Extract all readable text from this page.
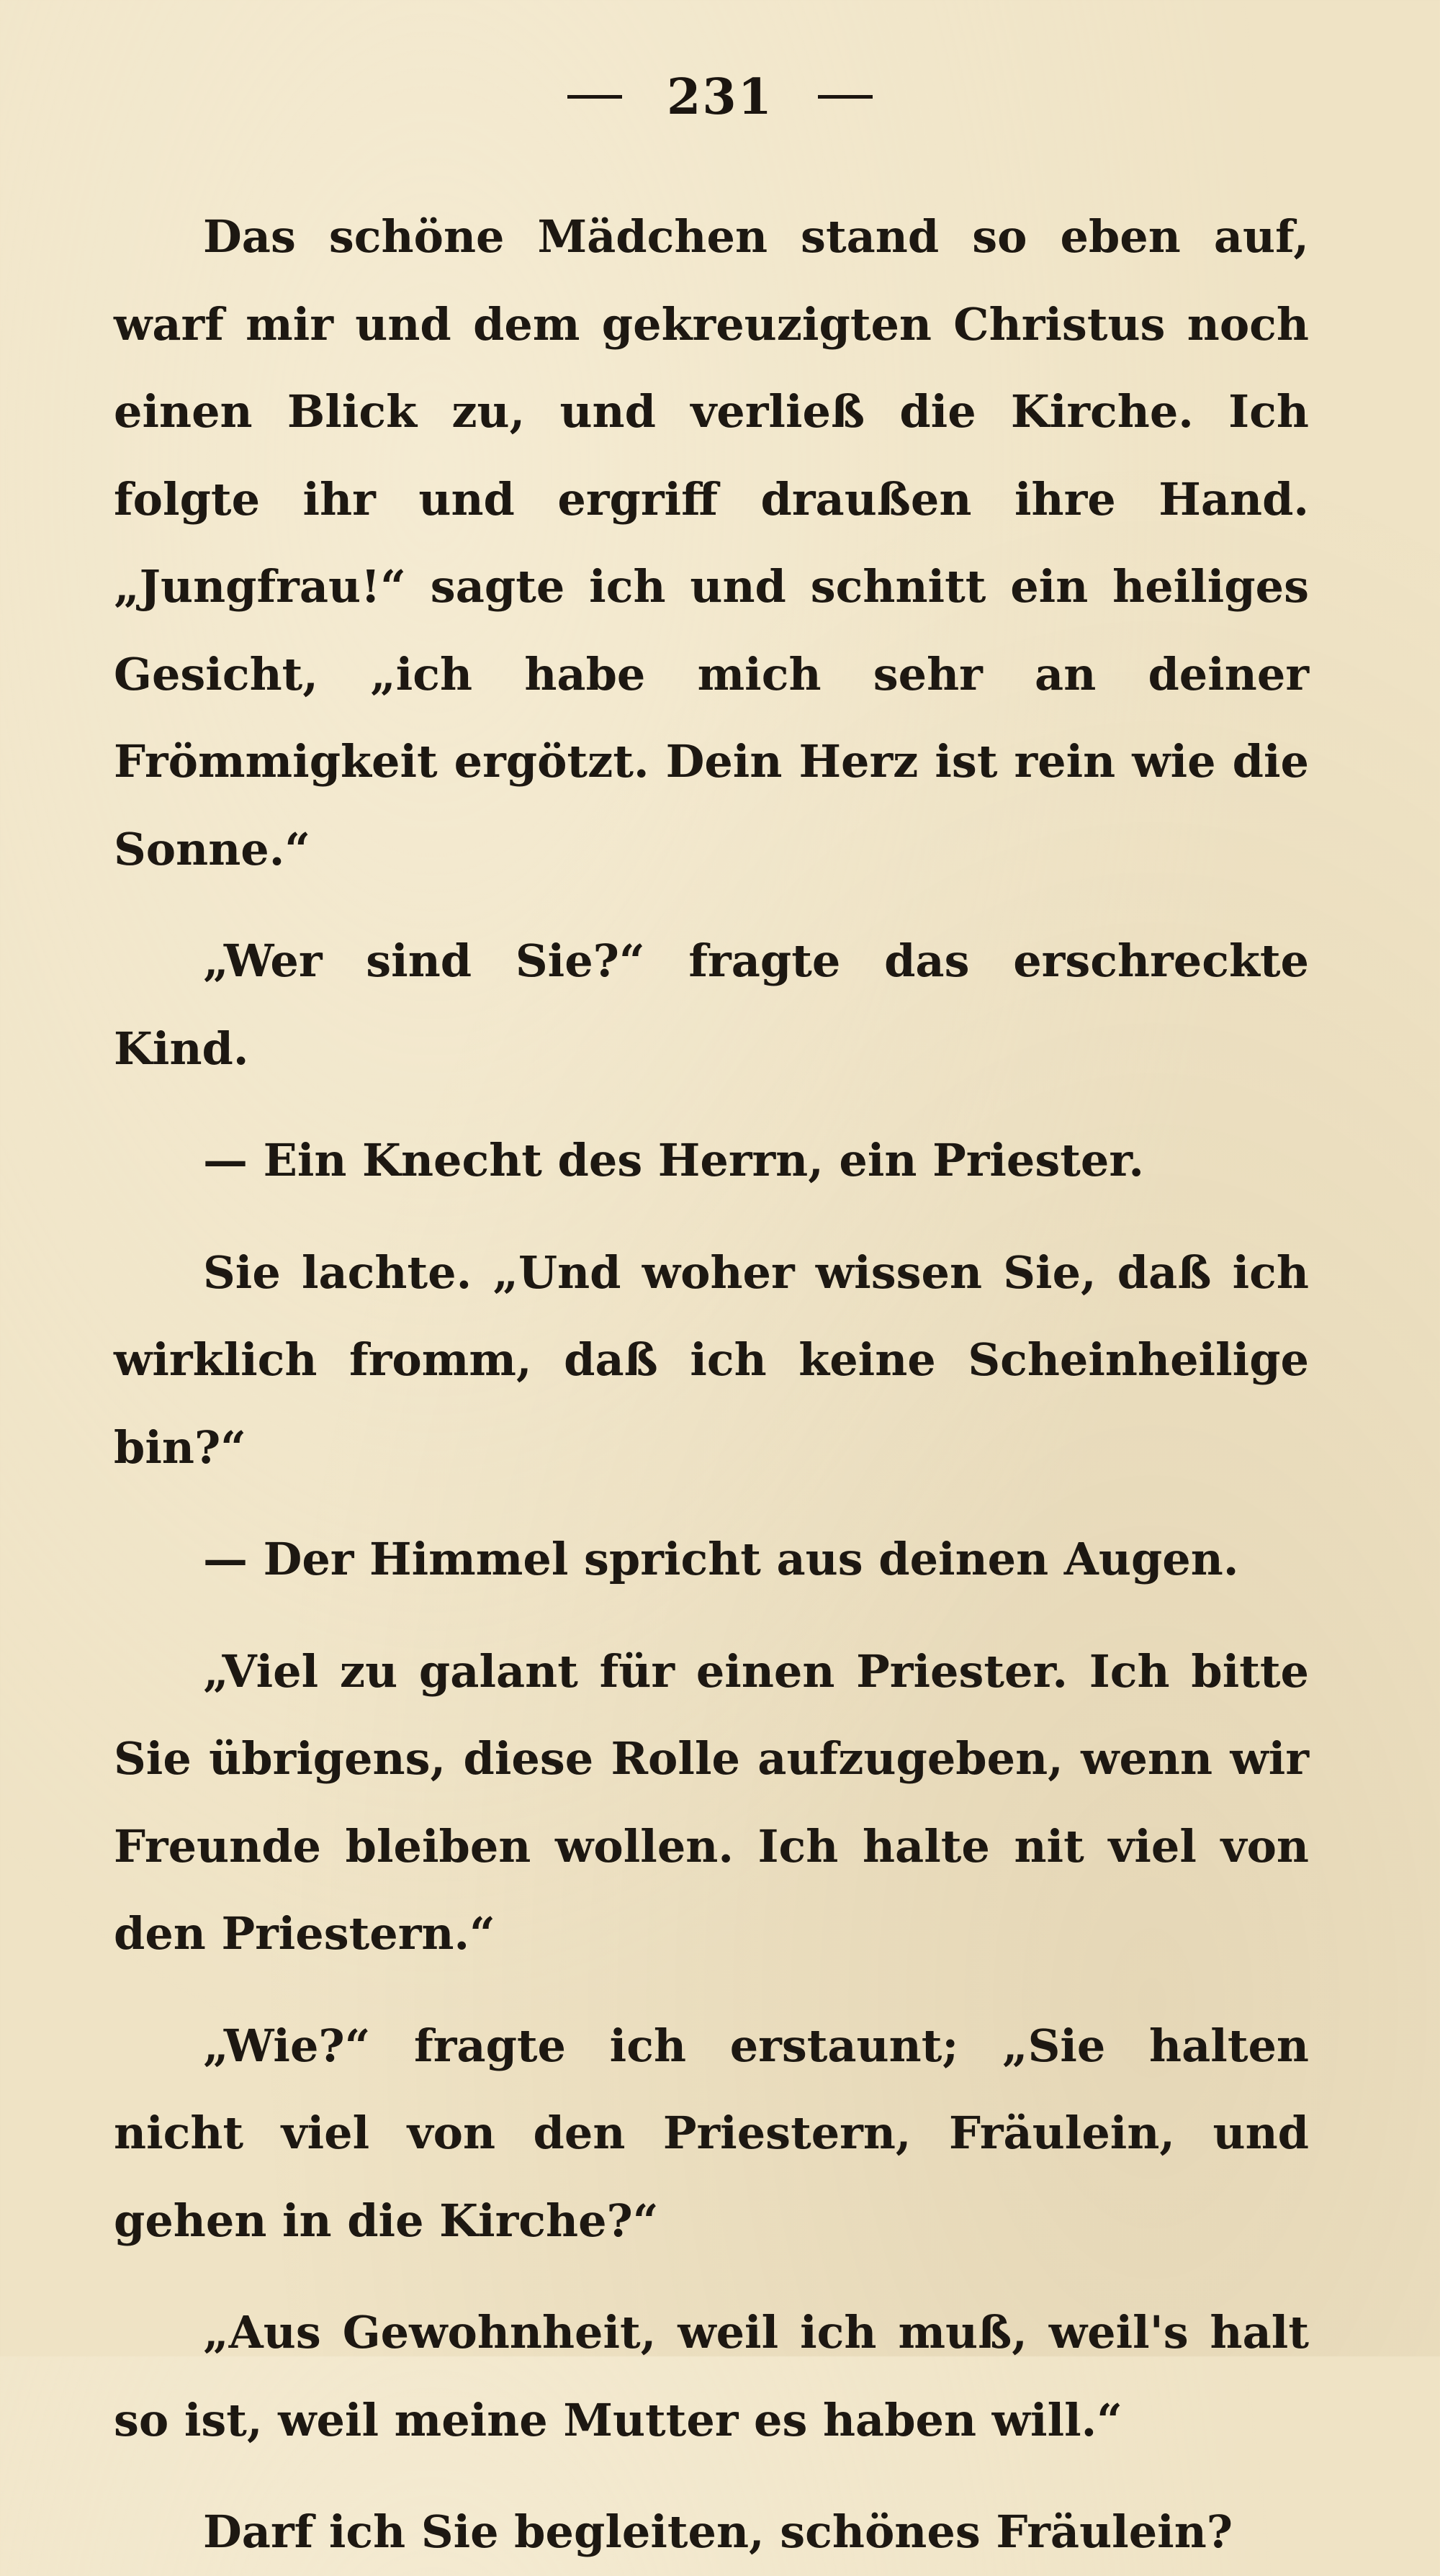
231

Das schöne Mädchen stand so eben auf, warf mir und dem gekreuzigten Christus noch einen Blick zu, und verließ die Kirche. Ich folgte ihr und ergriff draußen ihre Hand. „Jungfrau!“ sagte ich und schnitt ein heiliges Gesicht, „ich habe mich sehr an deiner Frömmigkeit ergötzt. Dein Herz ist rein wie die Sonne.“

„Wer sind Sie?“ fragte das erschreckte Kind.

— Ein Knecht des Herrn, ein Priester.

Sie lachte. „Und woher wissen Sie, daß ich wirklich fromm, daß ich keine Scheinheilige bin?“

— Der Himmel spricht aus deinen Augen.

„Viel zu galant für einen Priester. Ich bitte Sie übrigens, diese Rolle aufzugeben, wenn wir Freunde bleiben wollen. Ich halte nit viel von den Priestern.“

„Wie?“ fragte ich erstaunt; „Sie halten nicht viel von den Priestern, Fräulein, und gehen in die Kirche?“

„Aus Gewohnheit, weil ich muß, weil's halt so ist, weil meine Mutter es haben will.“

Darf ich Sie begleiten, schönes Fräulein?
